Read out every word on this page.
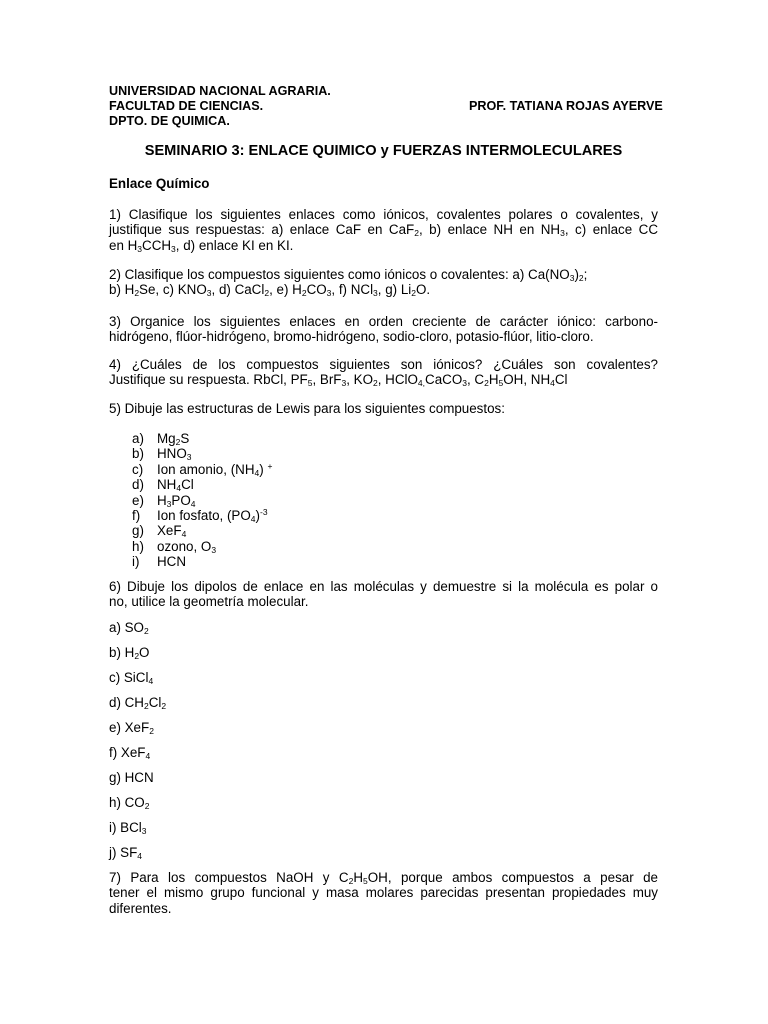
UNIVERSIDAD NACIONAL AGRARIA.
FACULTAD DE CIENCIAS.
DPTO. DE QUIMICA.
PROF. TATIANA ROJAS AYERVE
SEMINARIO 3: ENLACE QUIMICO y FUERZAS INTERMOLECULARES
Enlace Químico
1) Clasifique los siguientes enlaces como iónicos, covalentes polares o covalentes, y
justifique sus respuestas: a) enlace CaF en CaF$_2$, b) enlace NH en $NH_3$, c) enlace CC
en $H_3CCH_3$, d) enlace KI en KI.
2) Clasifique los compuestos siguientes como iónicos o covalentes: a) $Ca(NO_3)_2$;
b) $H_2Se$, c) $KNO_3$, d) CaCl$_2$, e) $H_2CO_3$, f) NCl$_3$, g) $Li_2O$.
3) Organice los siguientes enlaces en orden creciente de carácter iónico: carbono-
hidrógeno, flúor-hidrógeno, bromo-hidrógeno, sodio-cloro, potasio-flúor, litio-cloro.
4) ¿Cuáles de los compuestos siguientes son iónicos? ¿Cuáles son covalentes?
Justifique su respuesta. RbCl, $PF_5$, BrF$_3$, $KO_2$, HClO$_{4,}$CaCO$_3$, $C_2H_5OH$, $NH_4Cl$
5) Dibuje las estructuras de Lewis para los siguientes compuestos:
a) $Mg_2S$
b) $HNO_3$
c) Ion amonio, $(NH_4)$ +
d) $NH_4Cl$
e) $H_3PO_4$
f) Ion fosfato, $(PO_4)^{-3}$
g) XeF$_4$
h) ozono, $O_3$
i) HCN
6) Dibuje los dipolos de enlace en las moléculas y demuestre si la molécula es polar o
no, utilice la geometría molecular.
a) $SO_2$
b) $H_2O$
c) SiCl$_4$
d) $CH_2Cl_2$
e) XeF$_2$
f) XeF$_4$
g) HCN
h) $CO_2$
i) BCl$_3$
j) $SF_4$
7) Para los compuestos NaOH y $C_2H_5OH$, porque ambos compuestos a pesar de
tener el mismo grupo funcional y masa molares parecidas presentan propiedades muy
diferentes.
